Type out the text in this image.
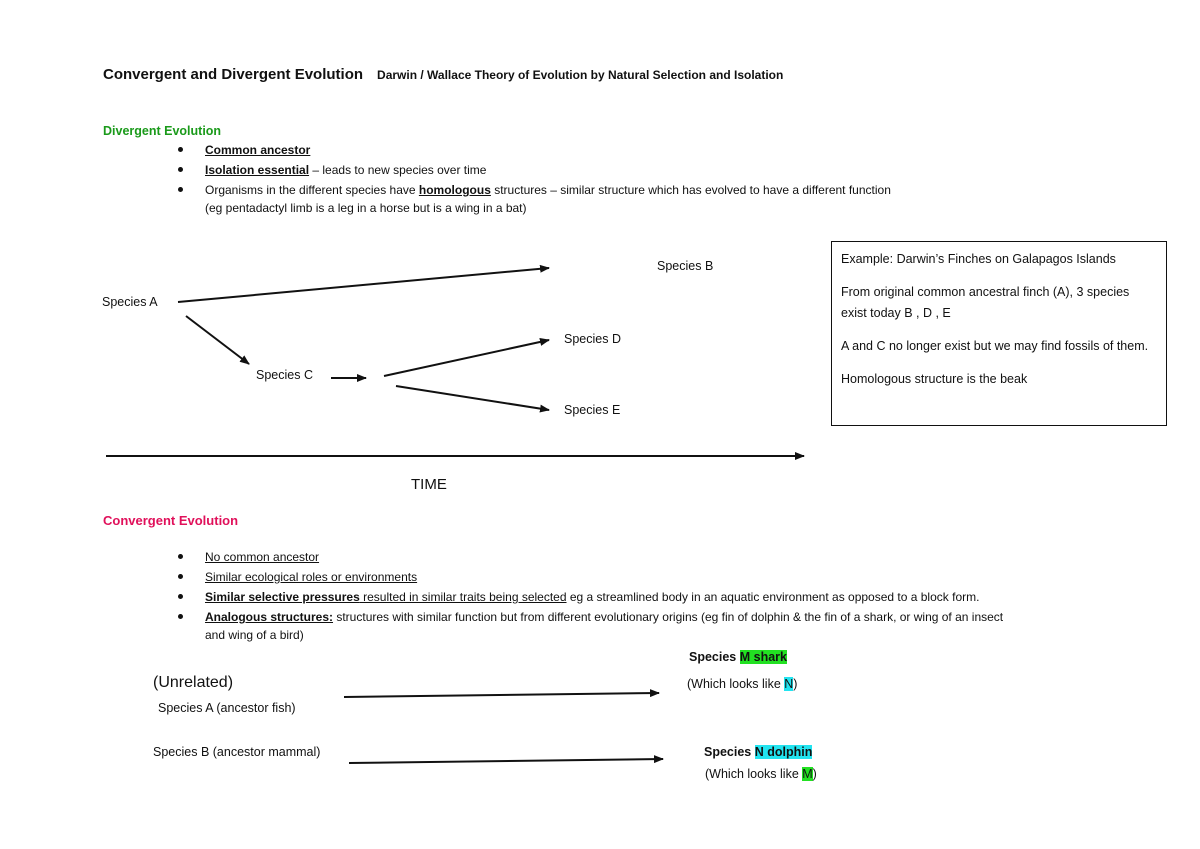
Convergent and Divergent Evolution Darwin / Wallace Theory of Evolution by Natural Selection and Isolation
Divergent Evolution
Common ancestor
Isolation essential – leads to new species over time
Organisms in the different species have homologous structures – similar structure which has evolved to have a different function
(eg pentadactyl limb is a leg in a horse but is a wing in a bat)
Species A
Species B
Species C
Species D
Species E
TIME

Example: Darwin’s Finches on Galapagos Islands

From original common ancestral finch (A), 3 species exist today B , D , E

A and C no longer exist but we may find fossils of them.

Homologous structure is the beak

Convergent Evolution
No common ancestor
Similar ecological roles or environments
Similar selective pressures resulted in similar traits being selected eg a streamlined body in an aquatic environment as opposed to a block form.
Analogous structures: structures with similar function but from different evolutionary origins (eg fin of dolphin & the fin of a shark, or wing of an insect
and wing of a bird)
(Unrelated)
Species A (ancestor fish)
Species B (ancestor mammal)
Species M shark
(Which looks like N)
Species N dolphin
(Which looks like M)
